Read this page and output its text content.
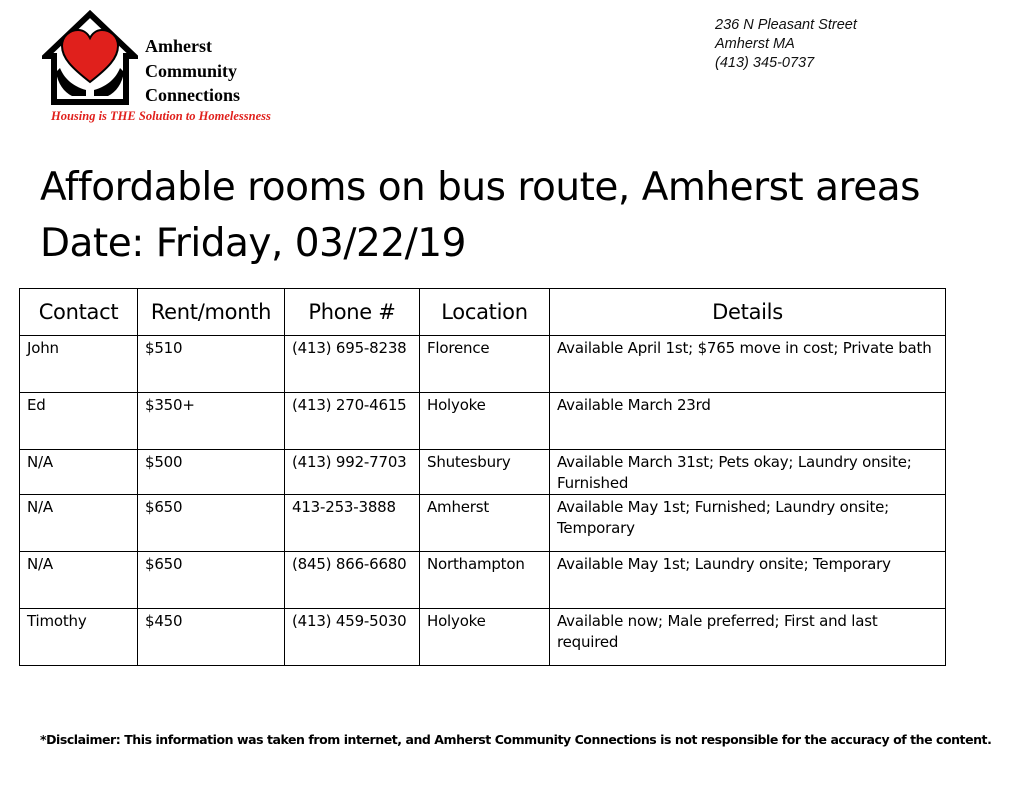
Amherst
Community
Connections
Housing is THE Solution to Homelessness
236 N Pleasant Street
Amherst MA
(413) 345-0737
Affordable rooms on bus route, Amherst areas
Date: Friday, 03/22/19
Contact	Rent/month	Phone #	Location	Details
John	$510	(413) 695-8238	Florence	Available April 1st; $765 move in cost; Private bath
Ed	$350+	(413) 270-4615	Holyoke	Available March 23rd
N/A	$500	(413) 992-7703	Shutesbury	Available March 31st; Pets okay; Laundry onsite; Furnished
N/A	$650	413-253-3888	Amherst	Available May 1st; Furnished; Laundry onsite; Temporary
N/A	$650	(845) 866-6680	Northampton	Available May 1st; Laundry onsite; Temporary
Timothy	$450	(413) 459-5030	Holyoke	Available now; Male preferred; First and last required
*Disclaimer: This information was taken from internet, and Amherst Community Connections is not responsible for the accuracy of the content.
